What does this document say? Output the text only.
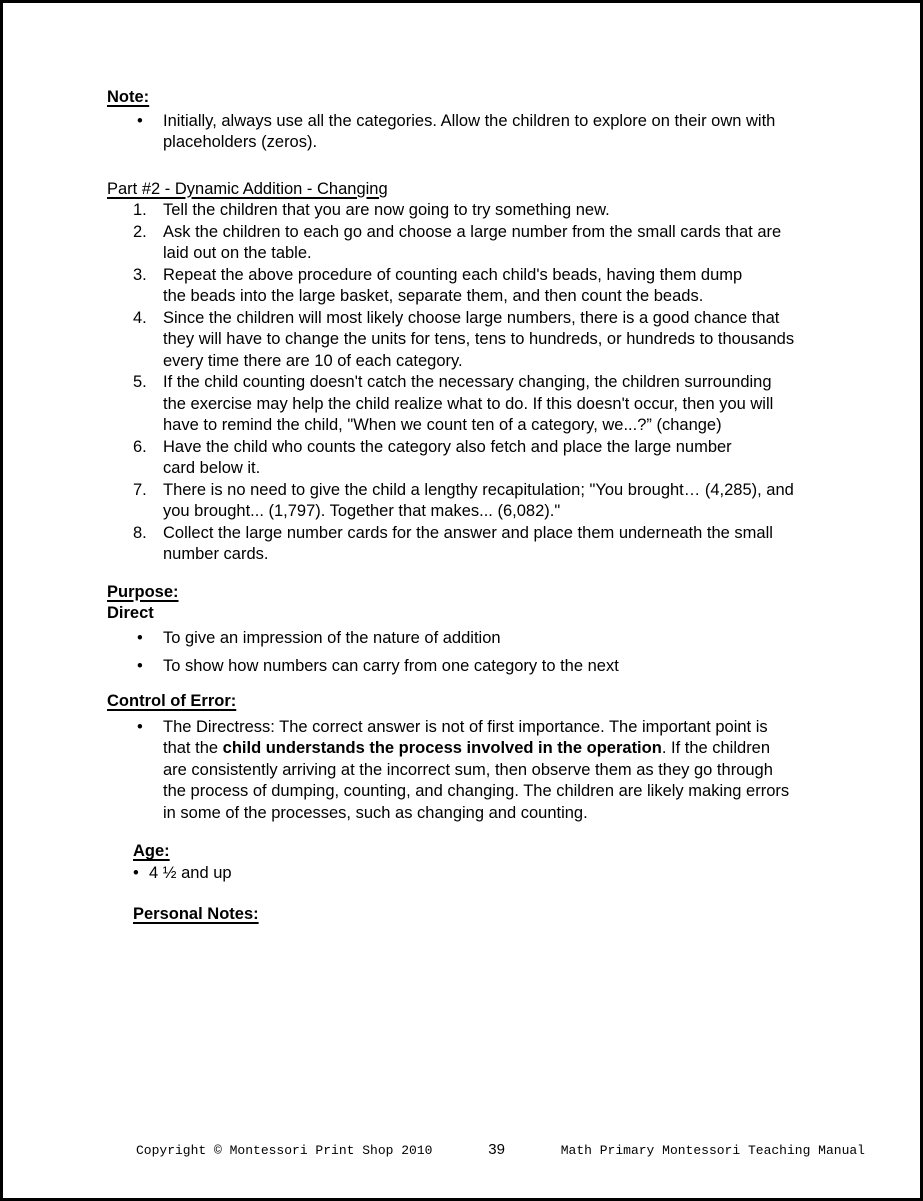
Note:
•	Initially, always use all the categories. Allow the children to explore on their own with
placeholders (zeros).
Part #2 - Dynamic Addition - Changing
1. Tell the children that you are now going to try something new.
2. Ask the children to each go and choose a large number from the small cards that are
laid out on the table.
3. Repeat the above procedure of counting each child's beads, having them dump
the beads into the large basket, separate them, and then count the beads.
4. Since the children will most likely choose large numbers, there is a good chance that
they will have to change the units for tens, tens to hundreds, or hundreds to thousands
every time there are 10 of each category.
5. If the child counting doesn't catch the necessary changing, the children surrounding
the exercise may help the child realize what to do. If this doesn't occur, then you will
have to remind the child, "When we count ten of a category, we...?” (change)
6. Have the child who counts the category also fetch and place the large number
card below it.
7. There is no need to give the child a lengthy recapitulation; "You brought… (4,285), and
you brought... (1,797). Together that makes... (6,082)."
8. Collect the large number cards for the answer and place them underneath the small
number cards.
Purpose:
Direct
•	To give an impression of the nature of addition
•	To show how numbers can carry from one category to the next
Control of Error:
•	The Directress: The correct answer is not of first importance. The important point is
that the child understands the process involved in the operation. If the children
are consistently arriving at the incorrect sum, then observe them as they go through
the process of dumping, counting, and changing. The children are likely making errors
in some of the processes, such as changing and counting.
Age:
• 4 ½ and up
Personal Notes:
Copyright © Montessori Print Shop 2010	39	Math Primary Montessori Teaching Manual
